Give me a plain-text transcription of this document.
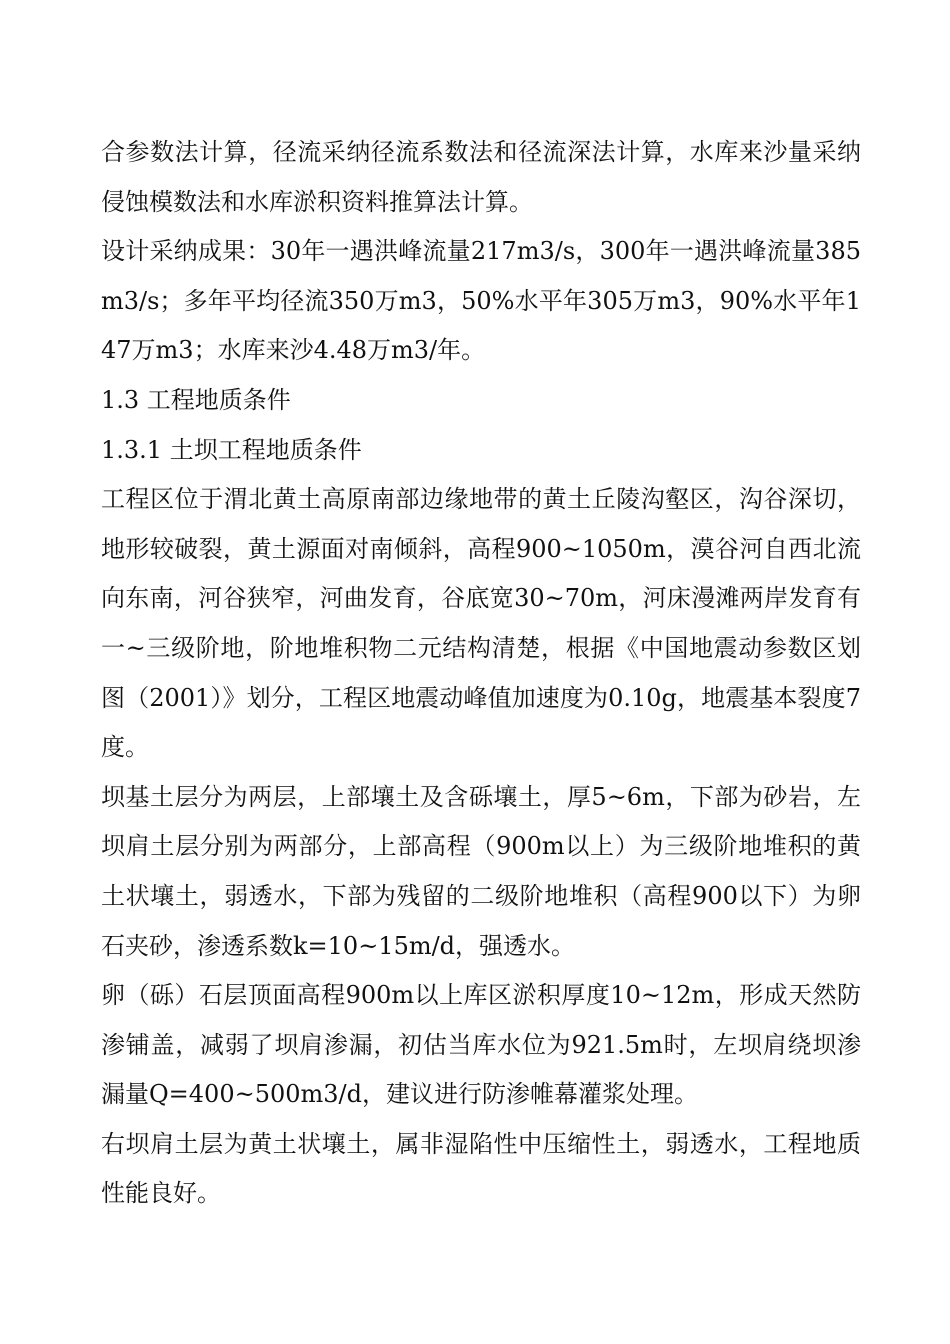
合参数法计算，径流采纳径流系数法和径流深法计算，水库来沙量采纳侵蚀模数法和水库淤积资料推算法计算。

设计采纳成果：30年一遇洪峰流量217m3/s，300年一遇洪峰流量385m3/s；多年平均径流350万m3，50%水平年305万m3，90%水平年147万m3；水库来沙4.48万m3/年。

1.3 工程地质条件

1.3.1 土坝工程地质条件

工程区位于渭北黄土高原南部边缘地带的黄土丘陵沟壑区，沟谷深切，地形较破裂，黄土源面对南倾斜，高程900~1050m，漠谷河自西北流向东南，河谷狭窄，河曲发育，谷底宽30~70m，河床漫滩两岸发育有一~三级阶地，阶地堆积物二元结构清楚，根据《中国地震动参数区划图（2001）》划分，工程区地震动峰值加速度为0.10g，地震基本裂度7度。

坝基土层分为两层，上部壤土及含砾壤土，厚5~6m，下部为砂岩，左坝肩土层分别为两部分，上部高程（900m以上）为三级阶地堆积的黄土状壤土，弱透水，下部为残留的二级阶地堆积（高程900以下）为卵石夹砂，渗透系数k=10~15m/d，强透水。

卵（砾）石层顶面高程900m以上库区淤积厚度10~12m，形成天然防渗铺盖，减弱了坝肩渗漏，初估当库水位为921.5m时，左坝肩绕坝渗漏量Q=400~500m3/d，建议进行防渗帷幕灌浆处理。

右坝肩土层为黄土状壤土，属非湿陷性中压缩性土，弱透水，工程地质性能良好。
